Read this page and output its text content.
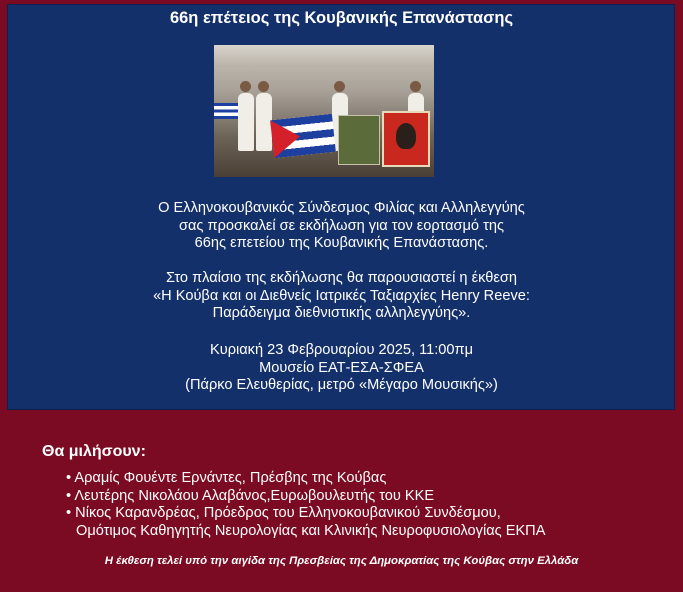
66η επέτειος της Κουβανικής Επανάστασης
Ο Ελληνοκουβανικός Σύνδεσμος Φιλίας και Αλληλεγγύης
σας προσκαλεί σε εκδήλωση για τον εορτασμό της
66ης επετείου της Κουβανικής Επανάστασης.
Στο πλαίσιο της εκδήλωσης θα παρουσιαστεί η έκθεση
«Η Κούβα και οι Διεθνείς Ιατρικές Ταξιαρχίες Henry Reeve:
Παράδειγμα διεθνιστικής αλληλεγγύης».
Κυριακή 23 Φεβρουαρίου 2025, 11:00πμ
Μουσείο ΕΑΤ-ΕΣΑ-ΣΦΕΑ
(Πάρκο Ελευθερίας, μετρό «Μέγαρο Μουσικής»)
Θα μιλήσουν:
• Αραμίς Φουέντε Ερνάντες, Πρέσβης της Κούβας
• Λευτέρης Νικολάου Αλαβάνος,Ευρωβουλευτής του ΚΚΕ
• Νίκος Καρανδρέας, Πρόεδρος του Ελληνοκουβανικού Συνδέσμου,
Ομότιμος Καθηγητής Νευρολογίας και Κλινικής Νευροφυσιολογίας ΕΚΠΑ
Η έκθεση τελεί υπό την αιγίδα της Πρεσβείας της Δημοκρατίας της Κούβας στην Ελλάδα
